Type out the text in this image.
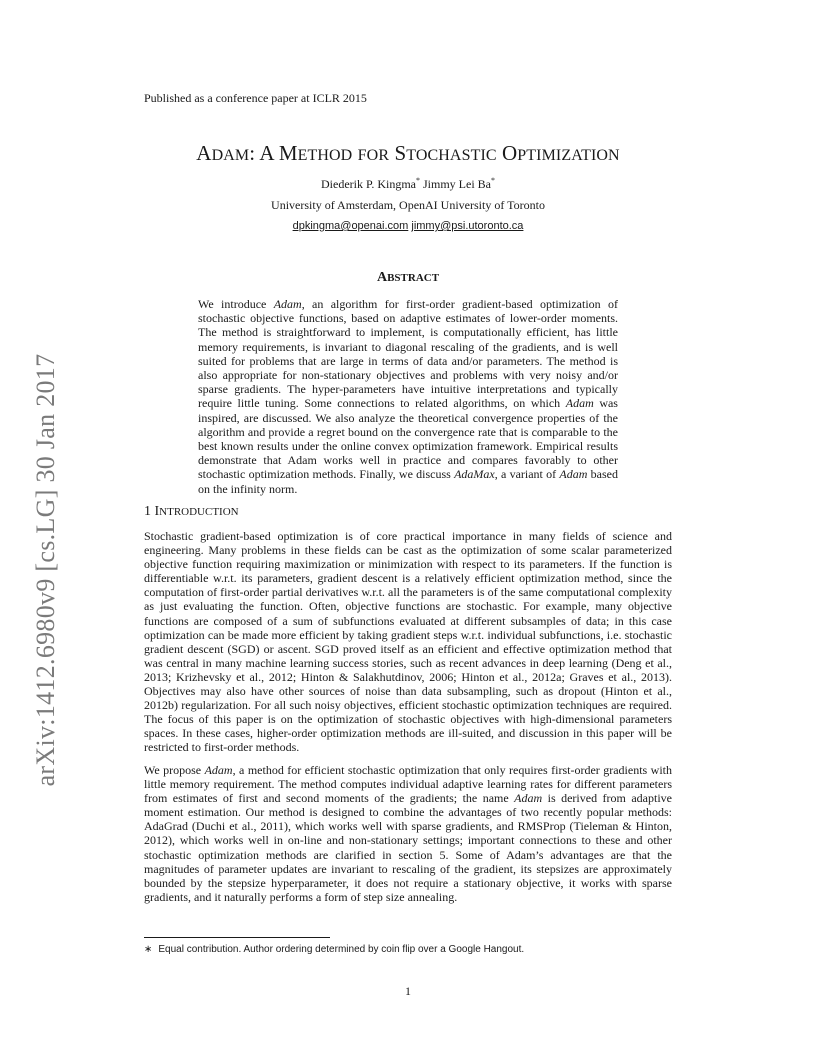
arXiv:1412.6980v9 [cs.LG] 30 Jan 2017
Published as a conference paper at ICLR 2015
ADAM: A METHOD FOR STOCHASTIC OPTIMIZATION
Diederik P. Kingma* Jimmy Lei Ba*
University of Amsterdam, OpenAI University of Toronto
dpkingma@openai.com jimmy@psi.utoronto.ca
ABSTRACT
We introduce Adam, an algorithm for first-order gradient-based optimization of stochastic objective functions, based on adaptive estimates of lower-order moments. The method is straightforward to implement, is computationally efficient, has little memory requirements, is invariant to diagonal rescaling of the gradients, and is well suited for problems that are large in terms of data and/or parameters. The method is also appropriate for non-stationary objectives and problems with very noisy and/or sparse gradients. The hyper-parameters have intuitive interpretations and typically require little tuning. Some connections to related algorithms, on which Adam was inspired, are discussed. We also analyze the theoretical convergence properties of the algorithm and provide a regret bound on the convergence rate that is comparable to the best known results under the online convex optimization framework. Empirical results demonstrate that Adam works well in practice and compares favorably to other stochastic optimization methods. Finally, we discuss AdaMax, a variant of Adam based on the infinity norm.
1 INTRODUCTION
Stochastic gradient-based optimization is of core practical importance in many fields of science and engineering. Many problems in these fields can be cast as the optimization of some scalar parameterized objective function requiring maximization or minimization with respect to its parameters. If the function is differentiable w.r.t. its parameters, gradient descent is a relatively efficient optimization method, since the computation of first-order partial derivatives w.r.t. all the parameters is of the same computational complexity as just evaluating the function. Often, objective functions are stochastic. For example, many objective functions are composed of a sum of subfunctions evaluated at different subsamples of data; in this case optimization can be made more efficient by taking gradient steps w.r.t. individual subfunctions, i.e. stochastic gradient descent (SGD) or ascent. SGD proved itself as an efficient and effective optimization method that was central in many machine learning success stories, such as recent advances in deep learning (Deng et al., 2013; Krizhevsky et al., 2012; Hinton & Salakhutdinov, 2006; Hinton et al., 2012a; Graves et al., 2013). Objectives may also have other sources of noise than data subsampling, such as dropout (Hinton et al., 2012b) regularization. For all such noisy objectives, efficient stochastic optimization techniques are required. The focus of this paper is on the optimization of stochastic objectives with high-dimensional parameters spaces. In these cases, higher-order optimization methods are ill-suited, and discussion in this paper will be restricted to first-order methods.
We propose Adam, a method for efficient stochastic optimization that only requires first-order gradients with little memory requirement. The method computes individual adaptive learning rates for different parameters from estimates of first and second moments of the gradients; the name Adam is derived from adaptive moment estimation. Our method is designed to combine the advantages of two recently popular methods: AdaGrad (Duchi et al., 2011), which works well with sparse gradients, and RMSProp (Tieleman & Hinton, 2012), which works well in on-line and non-stationary settings; important connections to these and other stochastic optimization methods are clarified in section 5. Some of Adam’s advantages are that the magnitudes of parameter updates are invariant to rescaling of the gradient, its stepsizes are approximately bounded by the stepsize hyperparameter, it does not require a stationary objective, it works with sparse gradients, and it naturally performs a form of step size annealing.
∗ Equal contribution. Author ordering determined by coin flip over a Google Hangout.
1
